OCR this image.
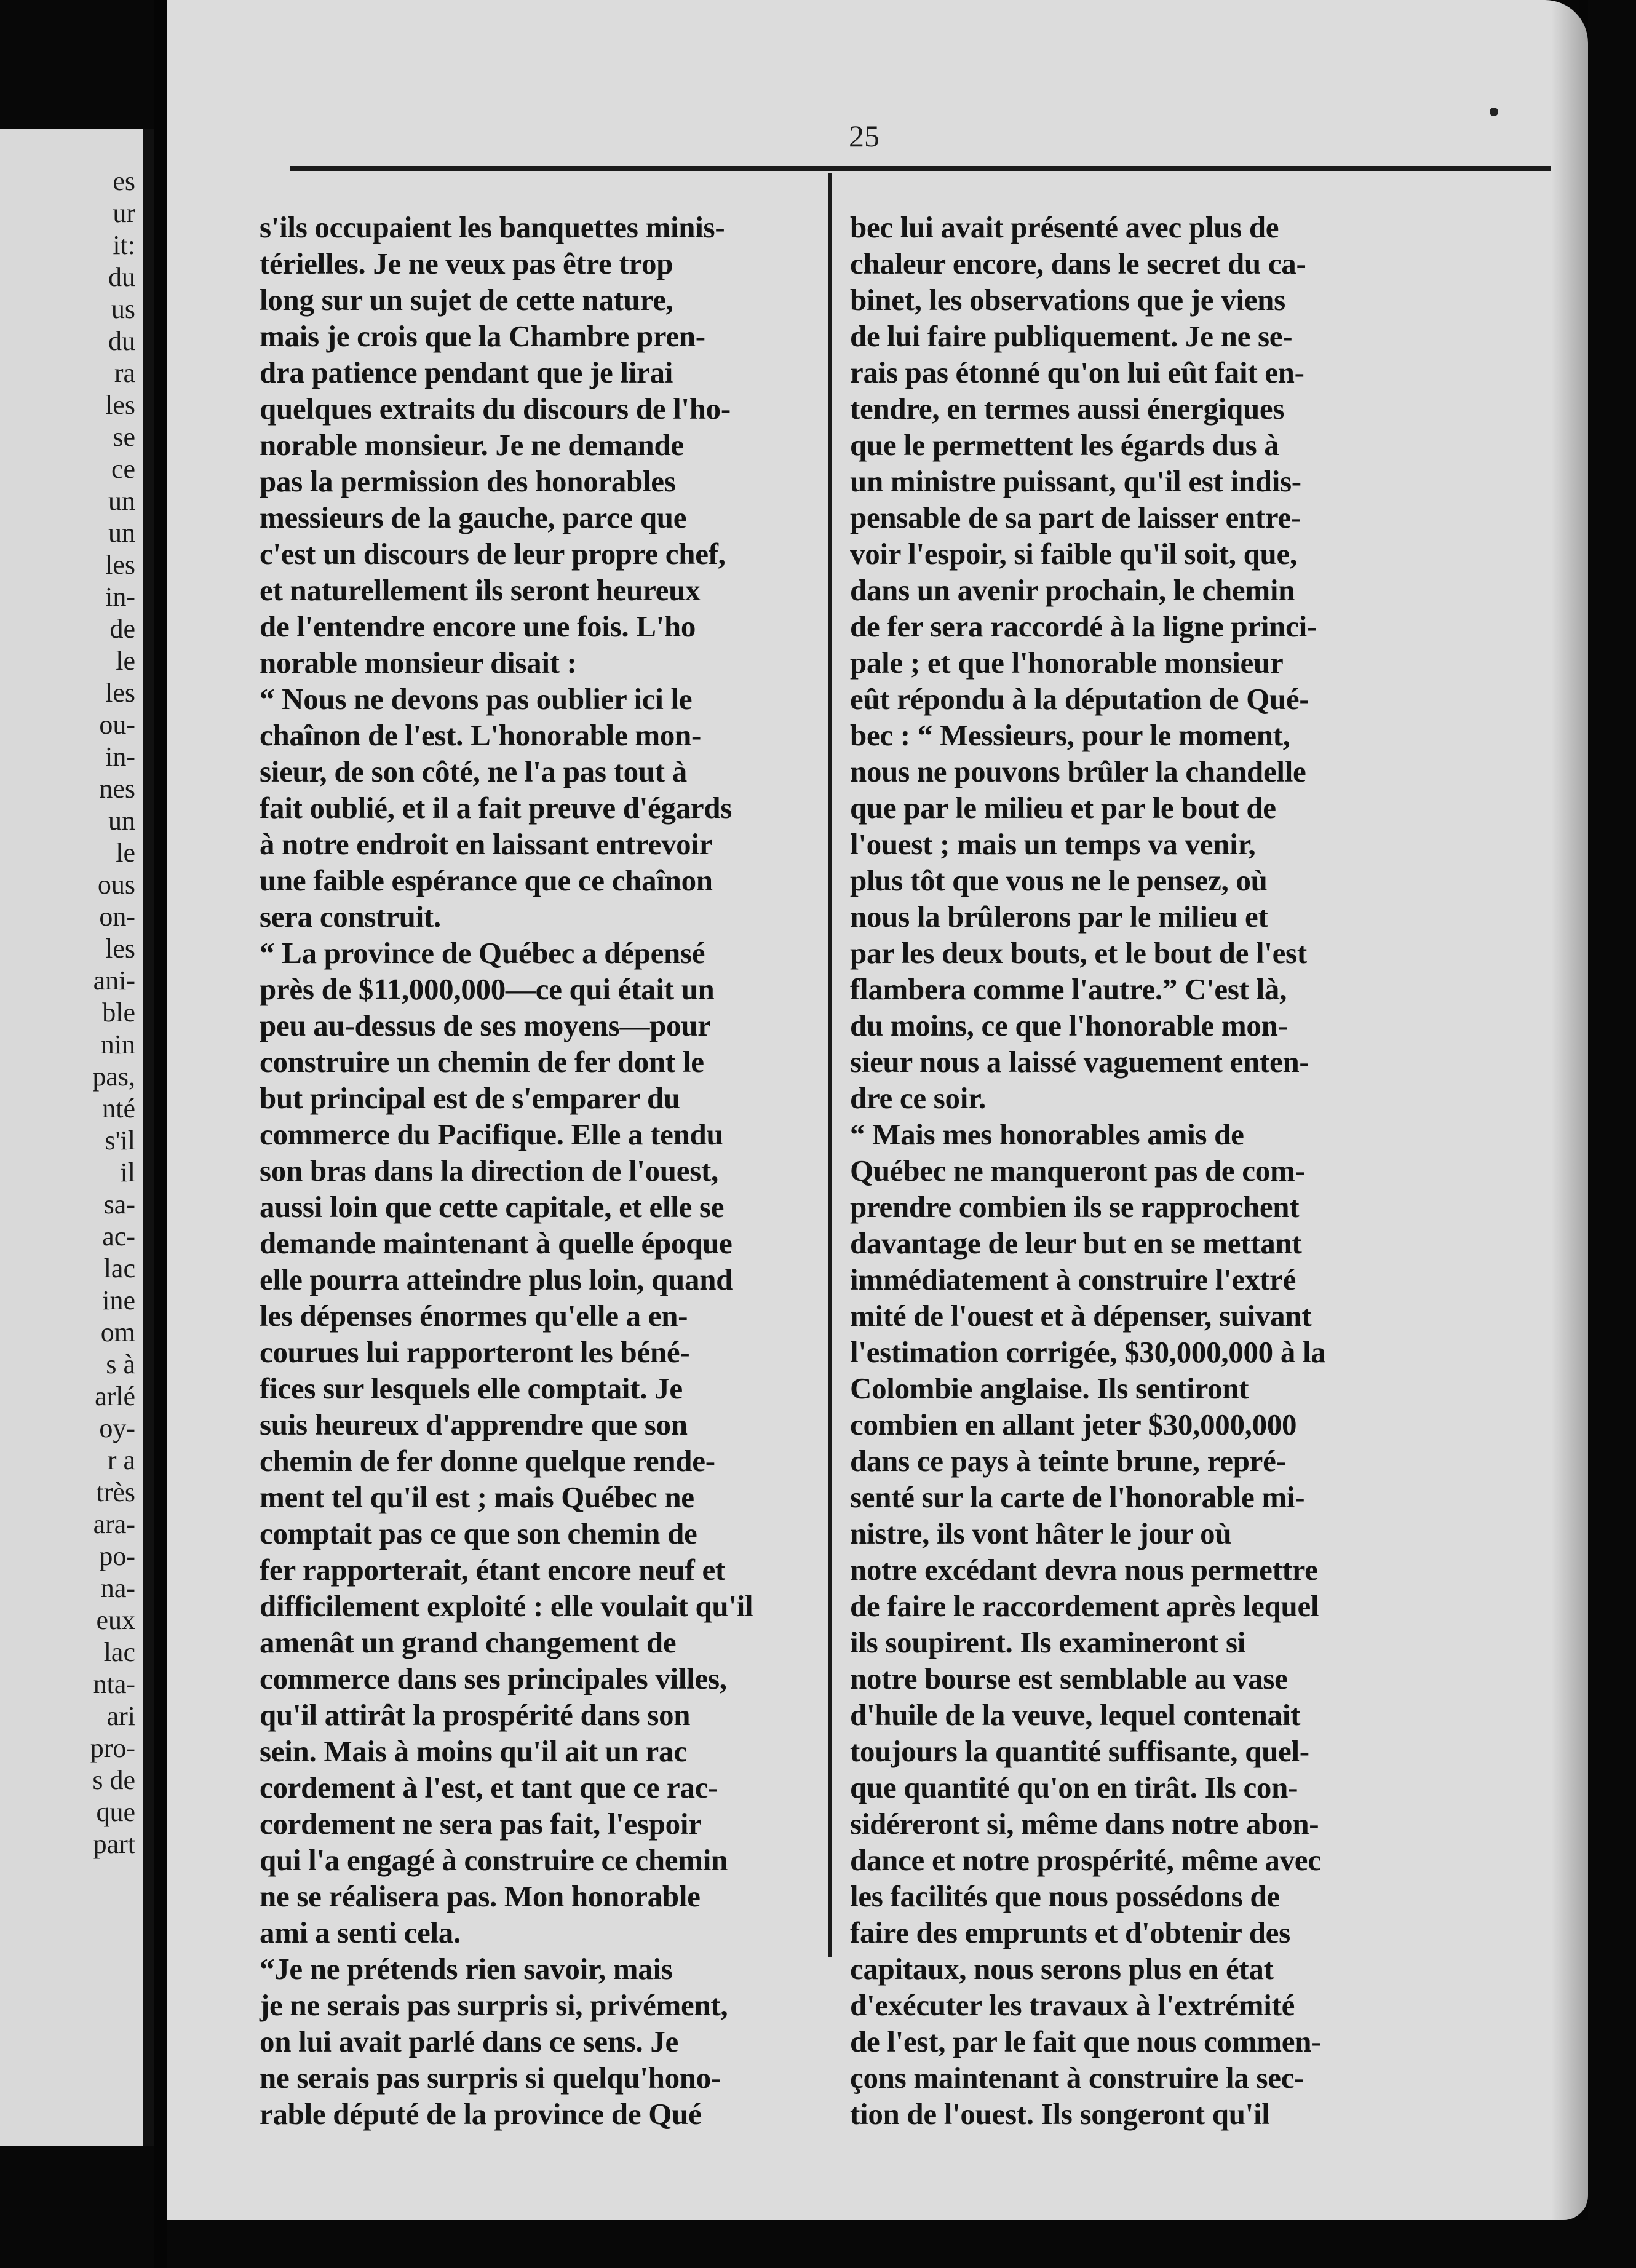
es
ur
it:
du
us
du
ra
les
se
ce
un
un
les
in-
de
le
les
ou-
in-
nes
un
le
ous
on-
les
ani-
ble
nin
pas,
nté
s'il
il
sa-
ac-
lac
ine
om
s à
arlé
oy-
r a
très
ara-
po-
na-
eux
lac
nta-
ari
pro-
s de
que
part
25
s'ils occupaient les banquettes minis-
térielles. Je ne veux pas être trop
long sur un sujet de cette nature,
mais je crois que la Chambre pren-
dra patience pendant que je lirai
quelques extraits du discours de l'ho-
norable monsieur. Je ne demande
pas la permission des honorables
messieurs de la gauche, parce que
c'est un discours de leur propre chef,
et naturellement ils seront heureux
de l'entendre encore une fois. L'ho
norable monsieur disait :
“ Nous ne devons pas oublier ici le
chaînon de l'est. L'honorable mon-
sieur, de son côté, ne l'a pas tout à
fait oublié, et il a fait preuve d'égards
à notre endroit en laissant entrevoir
une faible espérance que ce chaînon
sera construit.
“ La province de Québec a dépensé
près de $11,000,000—ce qui était un
peu au-dessus de ses moyens—pour
construire un chemin de fer dont le
but principal est de s'emparer du
commerce du Pacifique. Elle a tendu
son bras dans la direction de l'ouest,
aussi loin que cette capitale, et elle se
demande maintenant à quelle époque
elle pourra atteindre plus loin, quand
les dépenses énormes qu'elle a en-
courues lui rapporteront les béné-
fices sur lesquels elle comptait. Je
suis heureux d'apprendre que son
chemin de fer donne quelque rende-
ment tel qu'il est ; mais Québec ne
comptait pas ce que son chemin de
fer rapporterait, étant encore neuf et
difficilement exploité : elle voulait qu'il
amenât un grand changement de
commerce dans ses principales villes,
qu'il attirât la prospérité dans son
sein. Mais à moins qu'il ait un rac
cordement à l'est, et tant que ce rac-
cordement ne sera pas fait, l'espoir
qui l'a engagé à construire ce chemin
ne se réalisera pas. Mon honorable
ami a senti cela.
“Je ne prétends rien savoir, mais
je ne serais pas surpris si, privément,
on lui avait parlé dans ce sens. Je
ne serais pas surpris si quelqu'hono-
rable député de la province de Qué
bec lui avait présenté avec plus de
chaleur encore, dans le secret du ca-
binet, les observations que je viens
de lui faire publiquement. Je ne se-
rais pas étonné qu'on lui eût fait en-
tendre, en termes aussi énergiques
que le permettent les égards dus à
un ministre puissant, qu'il est indis-
pensable de sa part de laisser entre-
voir l'espoir, si faible qu'il soit, que,
dans un avenir prochain, le chemin
de fer sera raccordé à la ligne princi-
pale ; et que l'honorable monsieur
eût répondu à la députation de Qué-
bec : “ Messieurs, pour le moment,
nous ne pouvons brûler la chandelle
que par le milieu et par le bout de
l'ouest ; mais un temps va venir,
plus tôt que vous ne le pensez, où
nous la brûlerons par le milieu et
par les deux bouts, et le bout de l'est
flambera comme l'autre.” C'est là,
du moins, ce que l'honorable mon-
sieur nous a laissé vaguement enten-
dre ce soir.
“ Mais mes honorables amis de
Québec ne manqueront pas de com-
prendre combien ils se rapprochent
davantage de leur but en se mettant
immédiatement à construire l'extré
mité de l'ouest et à dépenser, suivant
l'estimation corrigée, $30,000,000 à la
Colombie anglaise. Ils sentiront
combien en allant jeter $30,000,000
dans ce pays à teinte brune, repré-
senté sur la carte de l'honorable mi-
nistre, ils vont hâter le jour où
notre excédant devra nous permettre
de faire le raccordement après lequel
ils soupirent. Ils examineront si
notre bourse est semblable au vase
d'huile de la veuve, lequel contenait
toujours la quantité suffisante, quel-
que quantité qu'on en tirât. Ils con-
sidéreront si, même dans notre abon-
dance et notre prospérité, même avec
les facilités que nous possédons de
faire des emprunts et d'obtenir des
capitaux, nous serons plus en état
d'exécuter les travaux à l'extrémité
de l'est, par le fait que nous commen-
çons maintenant à construire la sec-
tion de l'ouest. Ils songeront qu'il
